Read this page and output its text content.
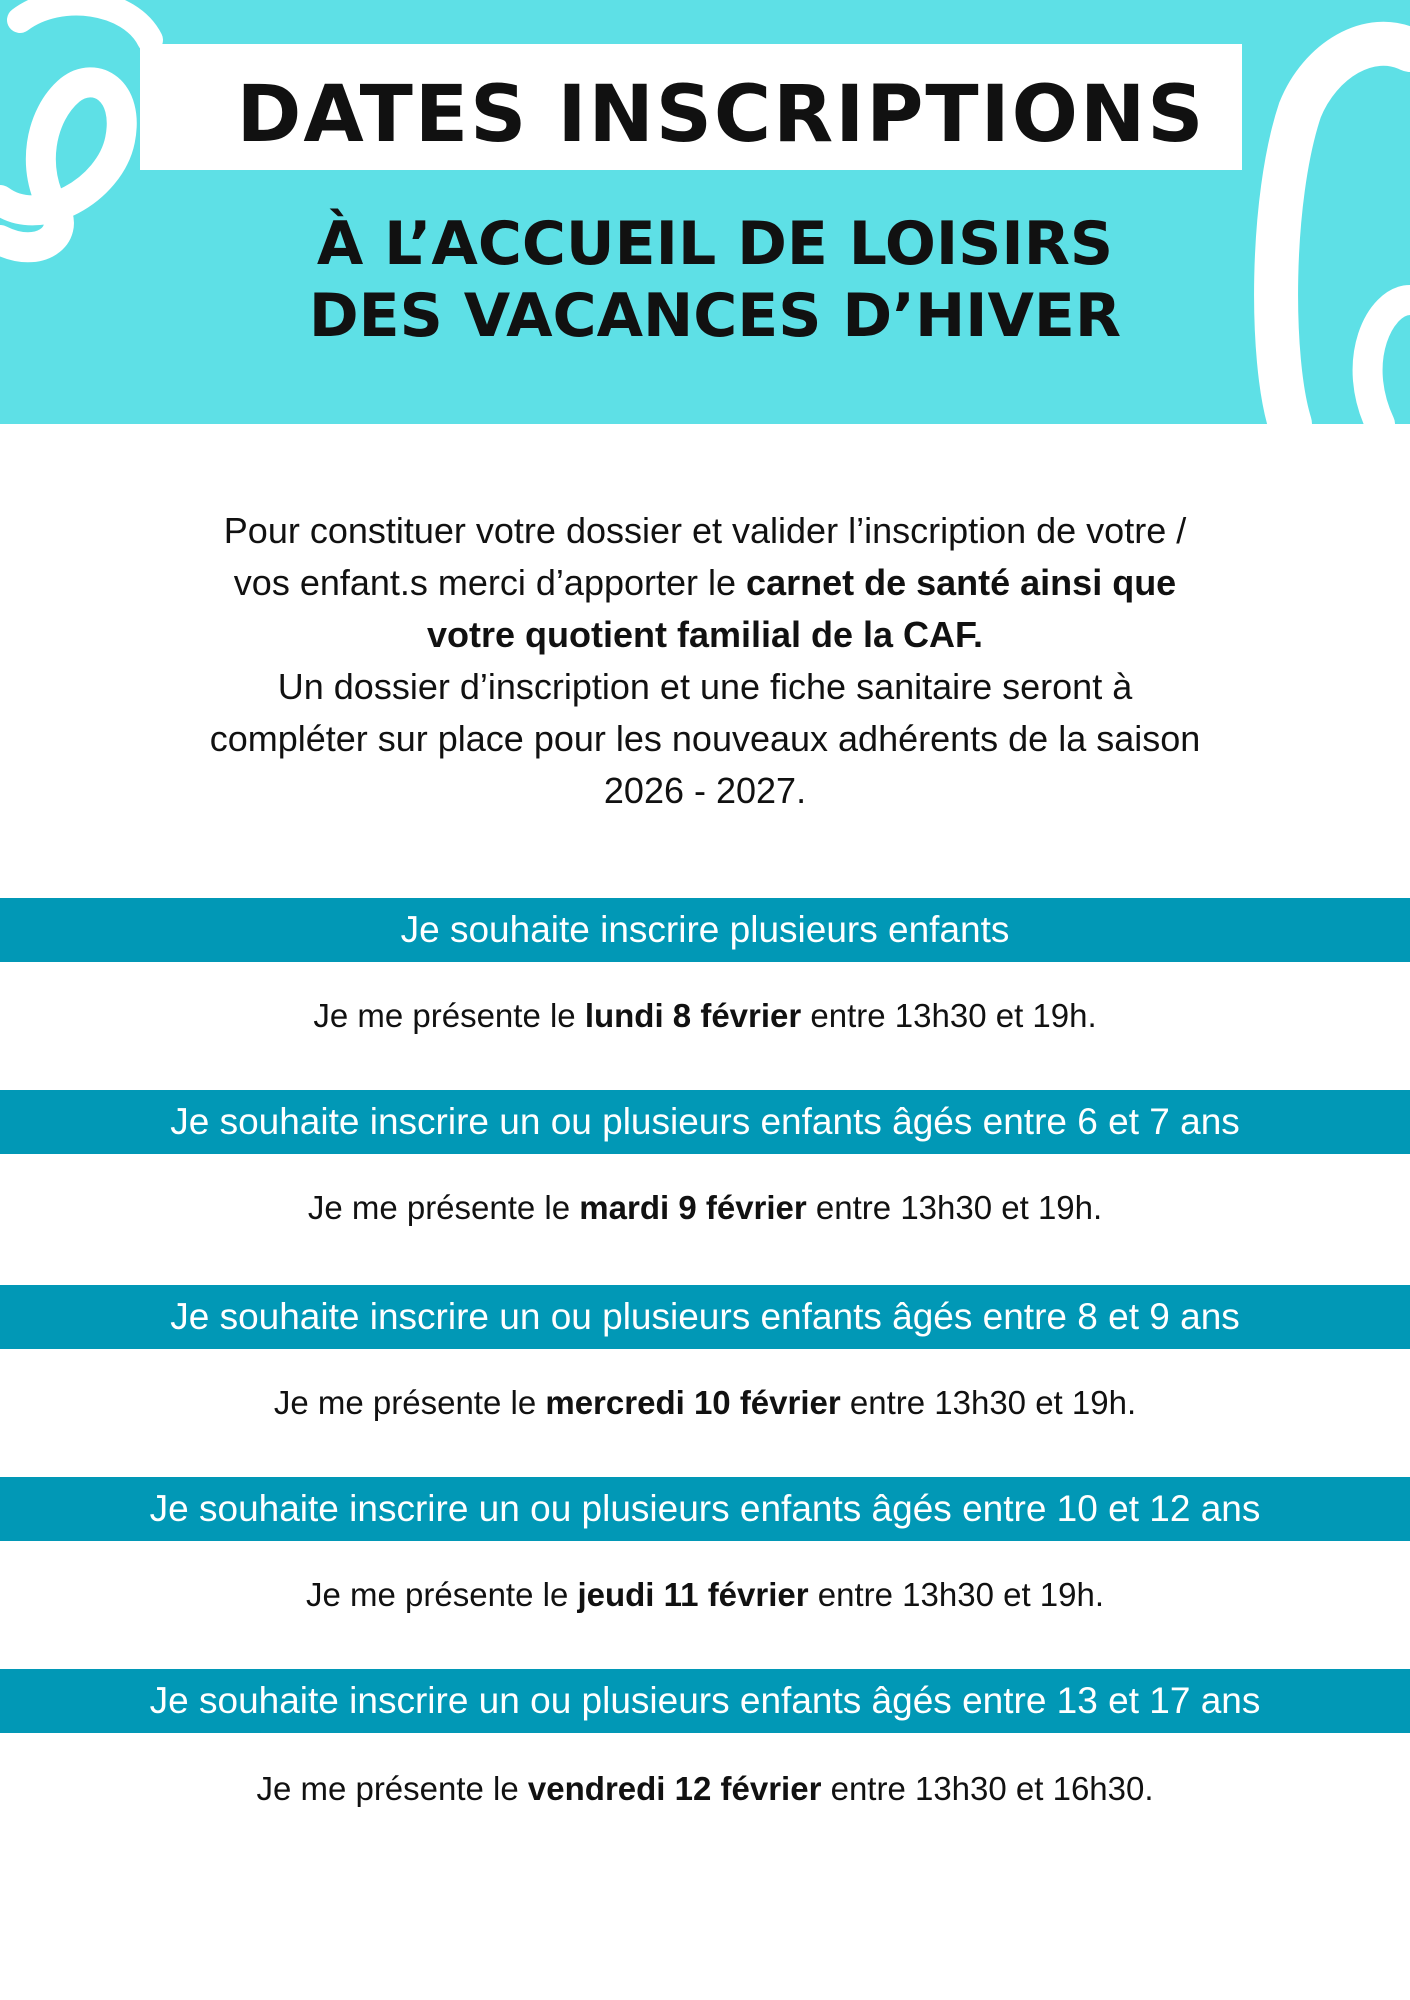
DATES INSCRIPTIONS
À L’ACCUEIL DE LOISIRS
DES VACANCES D’HIVER
Pour constituer votre dossier et valider l’inscription de votre /
vos enfant.s merci d’apporter le carnet de santé ainsi que
votre quotient familial de la CAF.
Un dossier d’inscription et une fiche sanitaire seront à
compléter sur place pour les nouveaux adhérents de la saison
2026 - 2027.
Je souhaite inscrire plusieurs enfants
Je me présente le lundi 8 février entre 13h30 et 19h.
Je souhaite inscrire un ou plusieurs enfants âgés entre 6 et 7 ans
Je me présente le mardi 9 février entre 13h30 et 19h.
Je souhaite inscrire un ou plusieurs enfants âgés entre 8 et 9 ans
Je me présente le mercredi 10 février entre 13h30 et 19h.
Je souhaite inscrire un ou plusieurs enfants âgés entre 10 et 12 ans
Je me présente le jeudi 11 février entre 13h30 et 19h.
Je souhaite inscrire un ou plusieurs enfants âgés entre 13 et 17 ans
Je me présente le vendredi 12 février entre 13h30 et 16h30.
